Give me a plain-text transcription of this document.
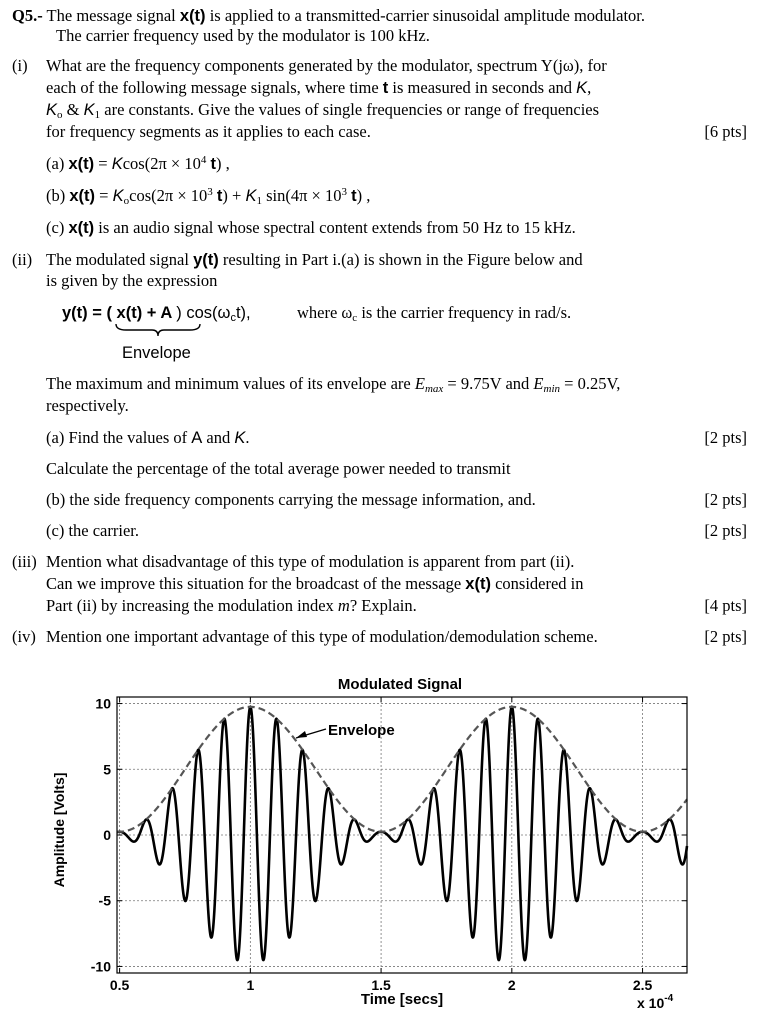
Q5.- The message signal x(t) is applied to a transmitted-carrier sinusoidal amplitude modulator.
The carrier frequency used by the modulator is 100 kHz.
(i) What are the frequency components generated by the modulator, spectrum Y(jω), for
each of the following message signals, where time t is measured in seconds and K,
$K_o$ & $K_1$ are constants. Give the values of single frequencies or range of frequencies
for frequency segments as it applies to each case.	[6 pts]
(a) $x(t) = Kcos(2\pi \times 10^4$ t) ,
(b) $x(t) = K_o\cos(2\pi \times 10^3$ $t) + K_1$ $\sin(4\pi \times 10^3$ t) ,
(c) x(t) is an audio signal whose spectral content extends from 50 Hz to 15 kHz.
(ii) The modulated signal y(t) resulting in Part i.(a) is shown in the Figure below and
is given by the expression
y(t) = ( x(t) + A ) $\cos(\omega_ct)$,	where $\omega_c$ is the carrier frequency in rad/s.
Envelope
The maximum and minimum values of its envelope are $E_{max} = 9.75V$ and $E_{min} = 0.25V$,
respectively.
(a) Find the values of A and K.	[2 pts]
Calculate the percentage of the total average power needed to transmit
(b) the side frequency components carrying the message information, and.	[2 pts]
(c) the carrier.	[2 pts]
(iii) Mention what disadvantage of this type of modulation is apparent from part (ii).
Can we improve this situation for the broadcast of the message x(t) considered in
Part (ii) by increasing the modulation index m? Explain.	[4 pts]
(iv) Mention one important advantage of this type of modulation/demodulation scheme.	[2 pts]
Modulated Signal
-10
-5
0
5
10
0.5	1	1.5	2	2.5
Envelope
Amplitude [Volts]
Time [secs]	x $10^{-4}$
